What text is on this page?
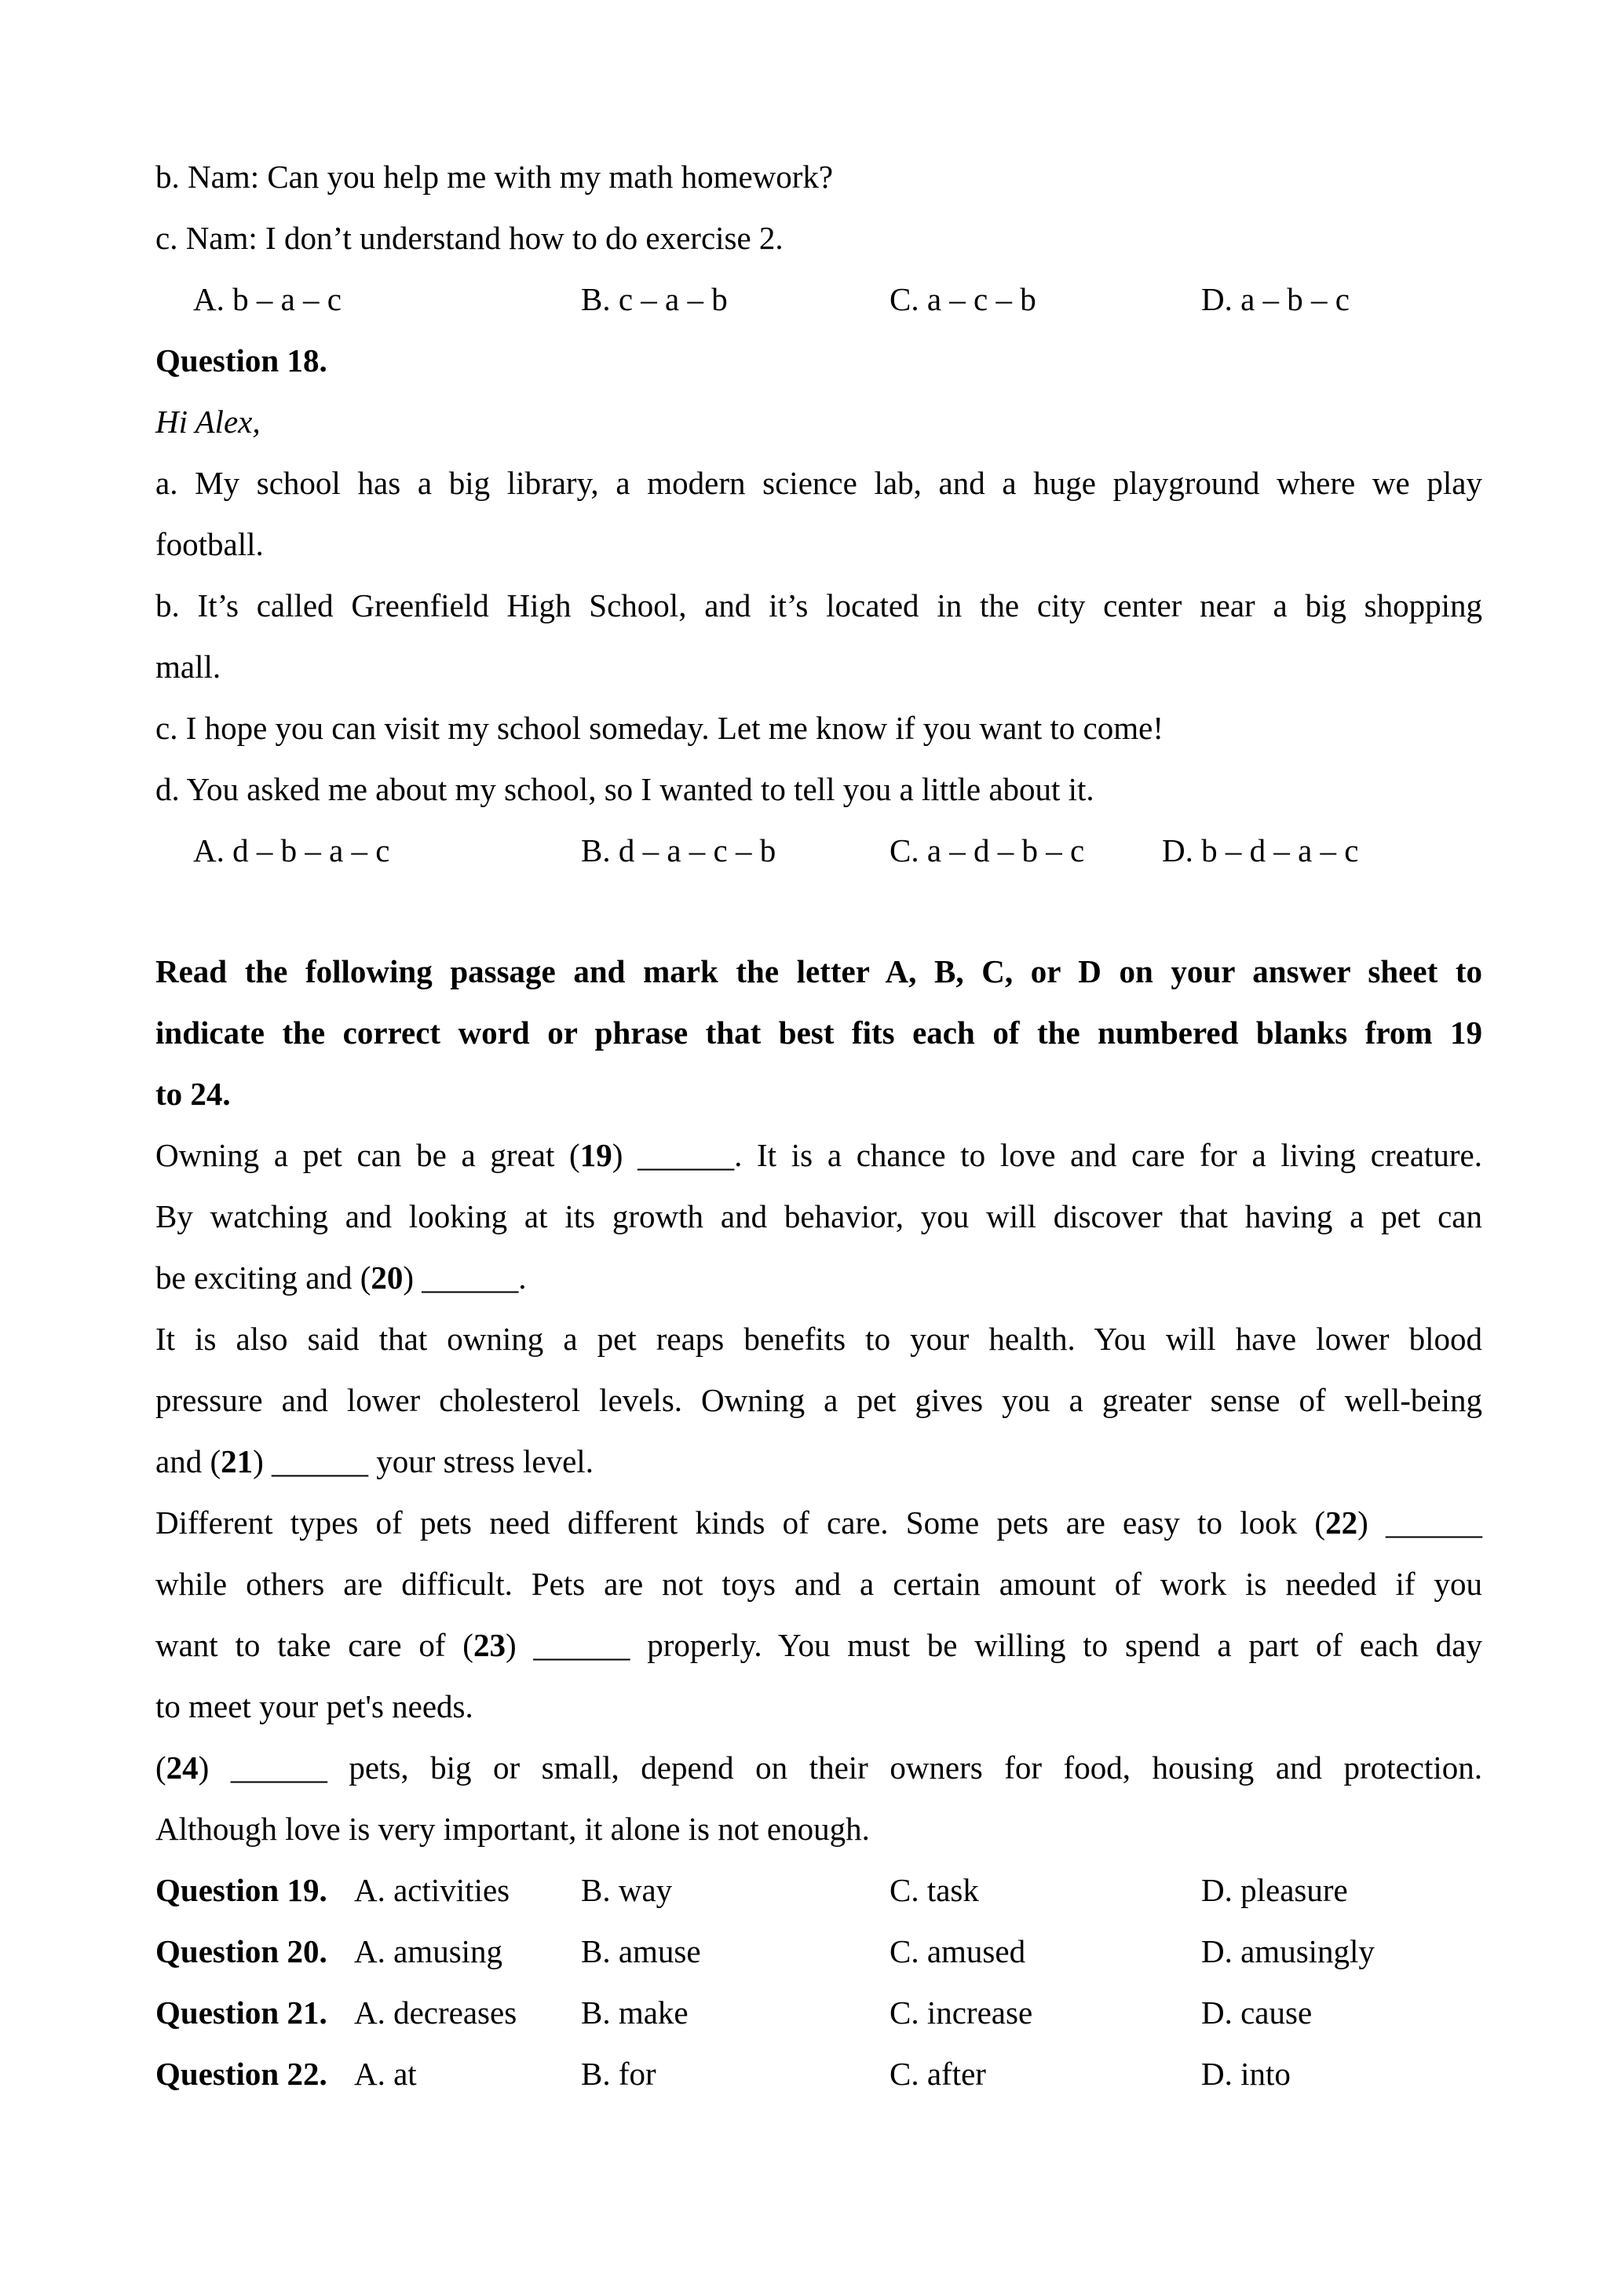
b. Nam: Can you help me with my math homework?
c. Nam: I don’t understand how to do exercise 2.
A. b – a – c	B. c – a – b	C. a – c – b	D. a – b – c
Question 18.
Hi Alex,
a. My school has a big library, a modern science lab, and a huge playground where we play
football.
b. It’s called Greenfield High School, and it’s located in the city center near a big shopping
mall.
c. I hope you can visit my school someday. Let me know if you want to come!
d. You asked me about my school, so I wanted to tell you a little about it.
A. d – b – a – c	B. d – a – c – b	C. a – d – b – c D. b – d – a – c
Read the following passage and mark the letter A, B, C, or D on your answer sheet to
indicate the correct word or phrase that best fits each of the numbered blanks from 19
to 24.
Owning a pet can be a great (19) ______. It is a chance to love and care for a living creature.
By watching and looking at its growth and behavior, you will discover that having a pet can
be exciting and (20) ______.
It is also said that owning a pet reaps benefits to your health. You will have lower blood
pressure and lower cholesterol levels. Owning a pet gives you a greater sense of well-being
and (21) ______ your stress level.
Different types of pets need different kinds of care. Some pets are easy to look (22) ______
while others are difficult. Pets are not toys and a certain amount of work is needed if you
want to take care of (23) ______ properly. You must be willing to spend a part of each day
to meet your pet's needs.
(24) ______ pets, big or small, depend on their owners for food, housing and protection.
Although love is very important, it alone is not enough.
Question 19. A. activities B. way	C. task	D. pleasure
Question 20. A. amusing B. amuse	C. amused	D. amusingly
Question 21. A. decreases B. make	C. increase	D. cause
Question 22. A. at	B. for	C. after	D. into
